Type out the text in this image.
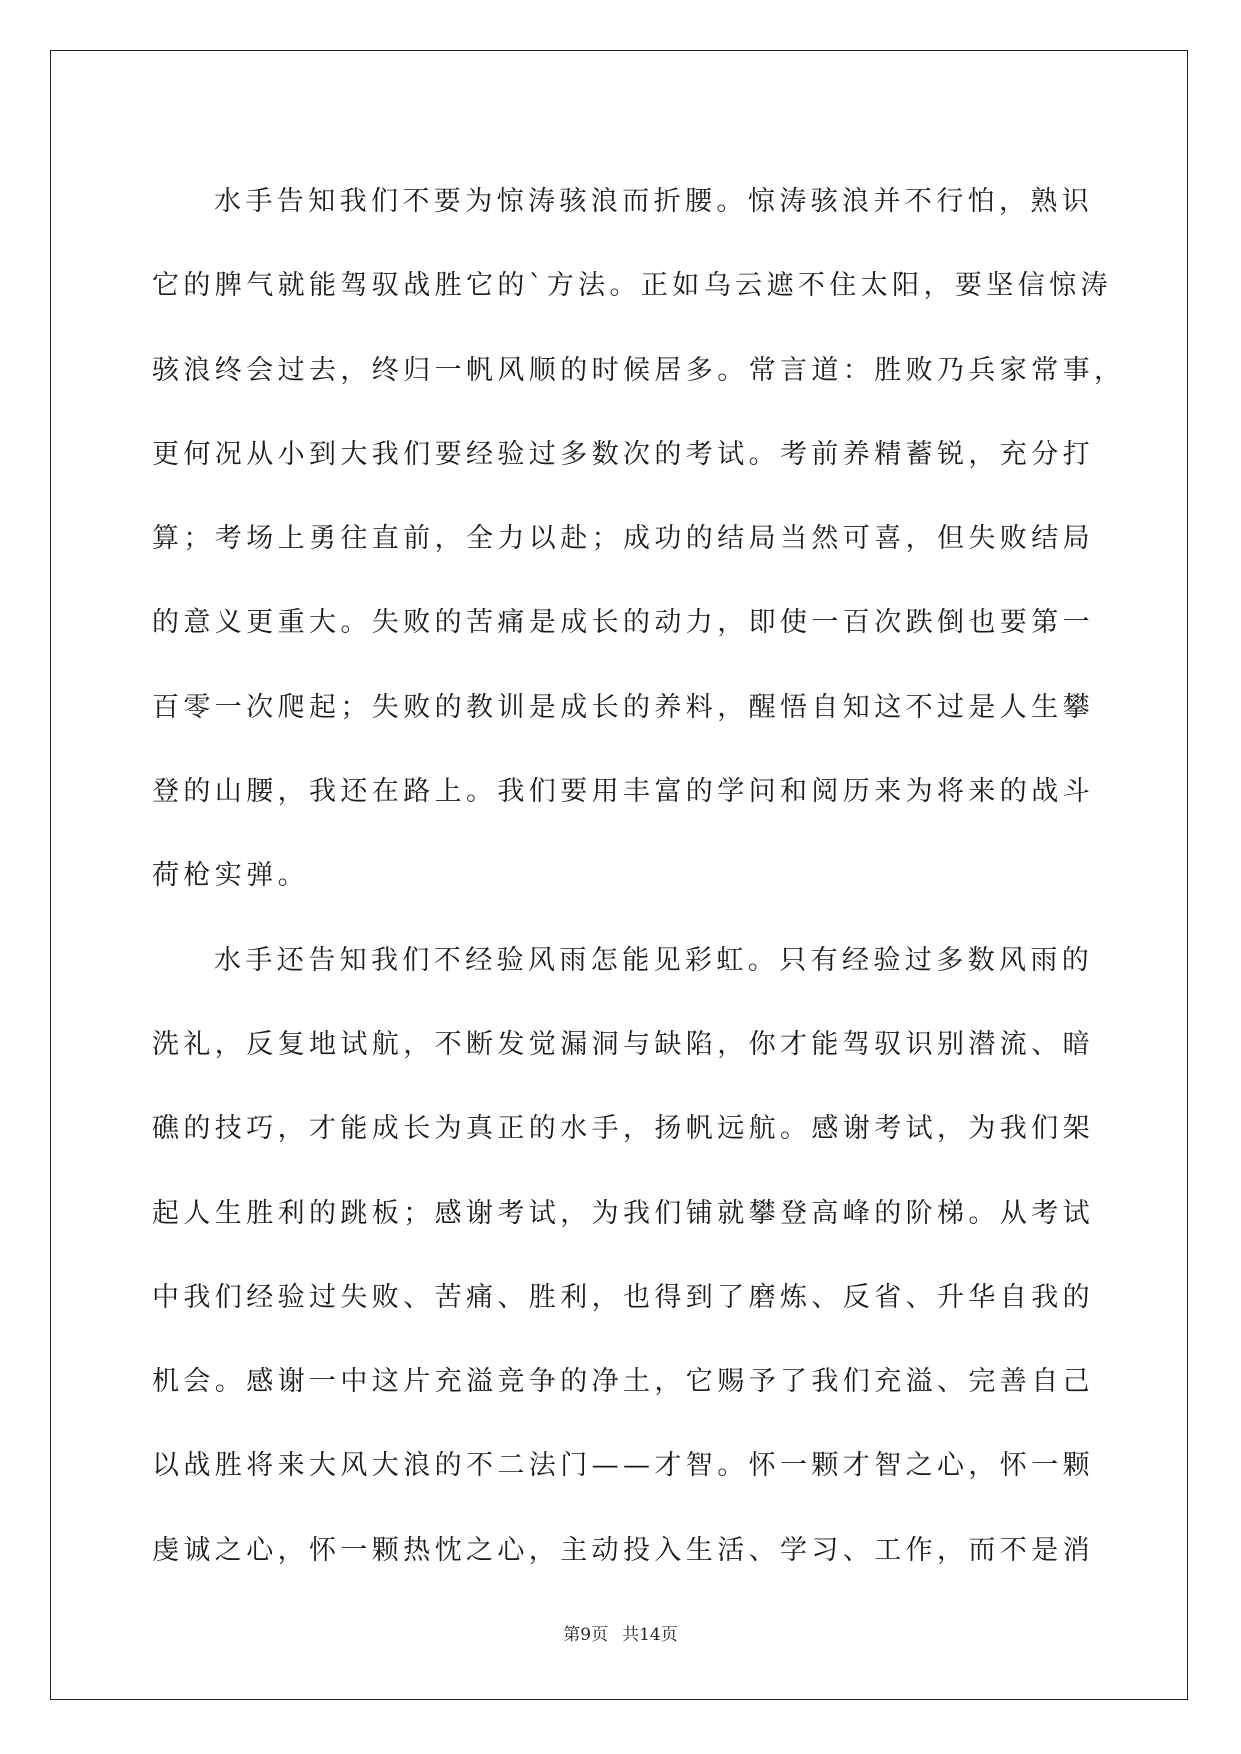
水手告知我们不要为惊涛骇浪而折腰。惊涛骇浪并不行怕，熟识
它的脾气就能驾驭战胜它的`方法。正如乌云遮不住太阳，要坚信惊涛
骇浪终会过去，终归一帆风顺的时候居多。常言道：胜败乃兵家常事，
更何况从小到大我们要经验过多数次的考试。考前养精蓄锐，充分打
算；考场上勇往直前，全力以赴；成功的结局当然可喜，但失败结局
的意义更重大。失败的苦痛是成长的动力，即使一百次跌倒也要第一
百零一次爬起；失败的教训是成长的养料，醒悟自知这不过是人生攀
登的山腰，我还在路上。我们要用丰富的学问和阅历来为将来的战斗
荷枪实弹。

水手还告知我们不经验风雨怎能见彩虹。只有经验过多数风雨的
洗礼，反复地试航，不断发觉漏洞与缺陷，你才能驾驭识别潜流、暗
礁的技巧，才能成长为真正的水手，扬帆远航。感谢考试，为我们架
起人生胜利的跳板；感谢考试，为我们铺就攀登高峰的阶梯。从考试
中我们经验过失败、苦痛、胜利，也得到了磨炼、反省、升华自我的
机会。感谢一中这片充溢竞争的净土，它赐予了我们充溢、完善自己
以战胜将来大风大浪的不二法门——才智。怀一颗才智之心，怀一颗
虔诚之心，怀一颗热忱之心，主动投入生活、学习、工作，而不是消

第9页 共14页
